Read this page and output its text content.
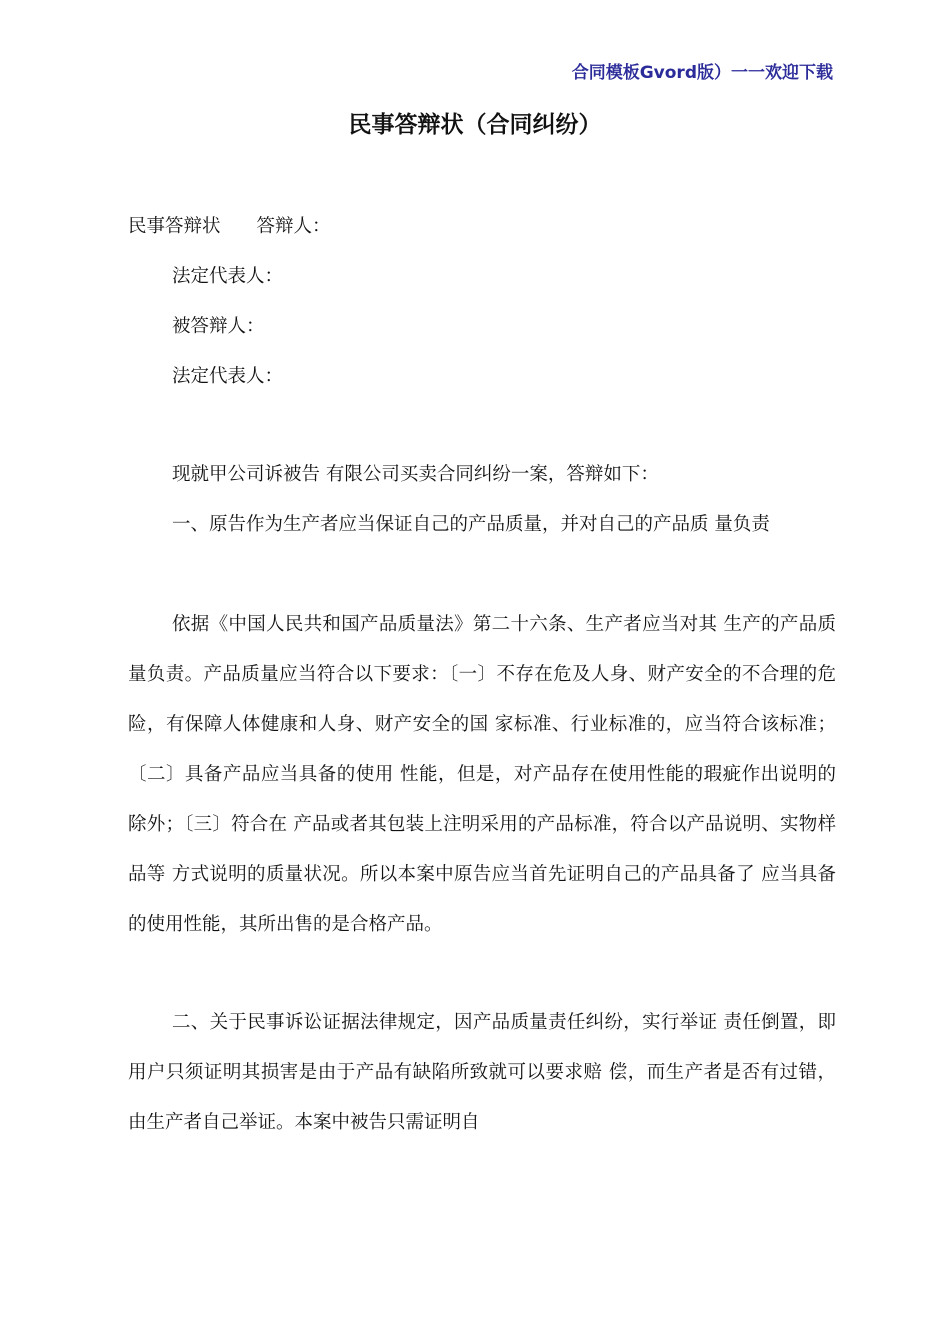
合同模板Gvord版）一一欢迎下载
民事答辩状（合同纠纷）
民事答辩状 答辩人：
法定代表人：
被答辩人：
法定代表人：

现就甲公司诉被告 有限公司买卖合同纠纷一案，答辩如下：

一、原告作为生产者应当保证自己的产品质量，并对自己的产品质 量负责

依据《中国人民共和国产品质量法》第二十六条、生产者应当对其 生产的产品质量负责。产品质量应当符合以下要求：〔一〕不存在危及人身、财产安全的不合理的危险，有保障人体健康和人身、财产安全的国 家标准、行业标准的，应当符合该标准；〔二〕具备产品应当具备的使用 性能，但是，对产品存在使用性能的瑕疵作出说明的除外；〔三〕符合在 产品或者其包装上注明采用的产品标准，符合以产品说明、实物样品等 方式说明的质量状况。所以本案中原告应当首先证明自己的产品具备了 应当具备的使用性能，其所出售的是合格产品。

二、关于民事诉讼证据法律规定，因产品质量责任纠纷，实行举证 责任倒置，即用户只须证明其损害是由于产品有缺陷所致就可以要求赔 偿，而生产者是否有过错，由生产者自己举证。本案中被告只需证明自
